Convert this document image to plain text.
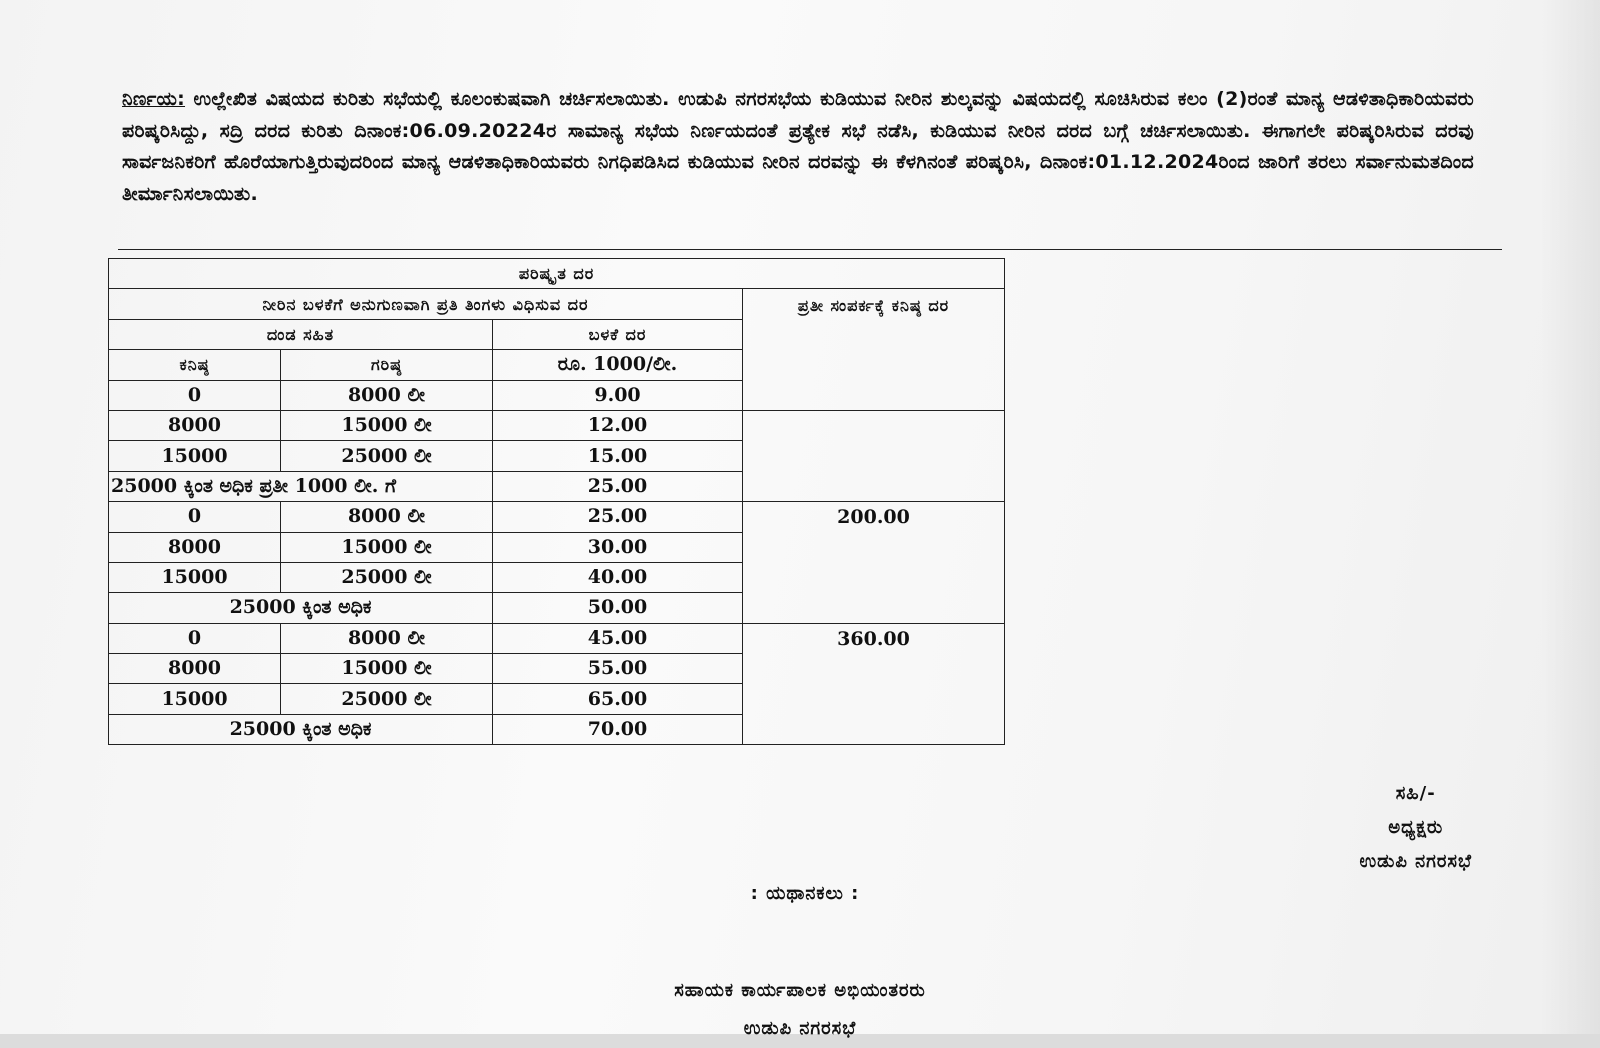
ನಿರ್ಣಯ: ಉಲ್ಲೇಖಿತ ವಿಷಯದ ಕುರಿತು ಸಭೆಯಲ್ಲಿ ಕೂಲಂಕುಷವಾಗಿ ಚರ್ಚಿಸಲಾಯಿತು. ಉಡುಪಿ ನಗರಸಭೆಯ ಕುಡಿಯುವ ನೀರಿನ ಶುಲ್ಕವನ್ನು ವಿಷಯದಲ್ಲಿ ಸೂಚಿಸಿರುವ ಕಲಂ (2)ರಂತೆ ಮಾನ್ಯ ಆಡಳಿತಾಧಿಕಾರಿಯವರು ಪರಿಷ್ಕರಿಸಿದ್ದು, ಸದ್ರಿ ದರದ ಕುರಿತು ದಿನಾಂಕ:06.09.20224ರ ಸಾಮಾನ್ಯ ಸಭೆಯ ನಿರ್ಣಯದಂತೆ ಪ್ರತ್ಯೇಕ ಸಭೆ ನಡೆಸಿ, ಕುಡಿಯುವ ನೀರಿನ ದರದ ಬಗ್ಗೆ ಚರ್ಚಿಸಲಾಯಿತು. ಈಗಾಗಲೇ ಪರಿಷ್ಕರಿಸಿರುವ ದರವು ಸಾರ್ವಜನಿಕರಿಗೆ ಹೊರೆಯಾಗುತ್ತಿರುವುದರಿಂದ ಮಾನ್ಯ ಆಡಳಿತಾಧಿಕಾರಿಯವರು ನಿಗಧಿಪಡಿಸಿದ ಕುಡಿಯುವ ನೀರಿನ ದರವನ್ನು ಈ ಕೆಳಗಿನಂತೆ ಪರಿಷ್ಕರಿಸಿ, ದಿನಾಂಕ:01.12.2024ರಿಂದ ಜಾರಿಗೆ ತರಲು ಸರ್ವಾನುಮತದಿಂದ ತೀರ್ಮಾನಿಸಲಾಯಿತು.
ಪರಿಷ್ಕೃತ ದರ				
ನೀರಿನ ಬಳಕೆಗೆ ಅನುಗುಣವಾಗಿ ಪ್ರತಿ ತಿಂಗಳು ವಿಧಿಸುವ ದರ			ಪ್ರತೀ ಸಂಪರ್ಕಕ್ಕೆ ಕನಿಷ್ಠ ದರ	
ದಂಡ ಸಹಿತ		ಬಳಕೆ ದರ		
ಕನಿಷ್ಠ	ಗರಿಷ್ಠ	ರೂ. 1000/ಲೀ.		
0	8000 ಲೀ	9.00	
8000	15000 ಲೀ	12.00		
15000	25000 ಲೀ	15.00		
25000 ಕ್ಕಿಂತ ಅಧಿಕ ಪ್ರತೀ 1000 ಲೀ. ಗೆ		25.00		
0	8000 ಲೀ	25.00	200.00	
8000	15000 ಲೀ	30.00		
15000	25000 ಲೀ	40.00		
25000 ಕ್ಕಿಂತ ಅಧಿಕ		50.00		
0	8000 ಲೀ	45.00	360.00	
8000	15000 ಲೀ	55.00		
15000	25000 ಲೀ	65.00		
25000 ಕ್ಕಿಂತ ಅಧಿಕ		70.00		
ಸಹಿ/-
ಅಧ್ಯಕ್ಷರು
ಉಡುಪಿ ನಗರಸಭೆ
: ಯಥಾನಕಲು :
ಸಹಾಯಕ ಕಾರ್ಯಪಾಲಕ ಅಭಿಯಂತರರು
ಉಡುಪಿ ನಗರಸಭೆ
